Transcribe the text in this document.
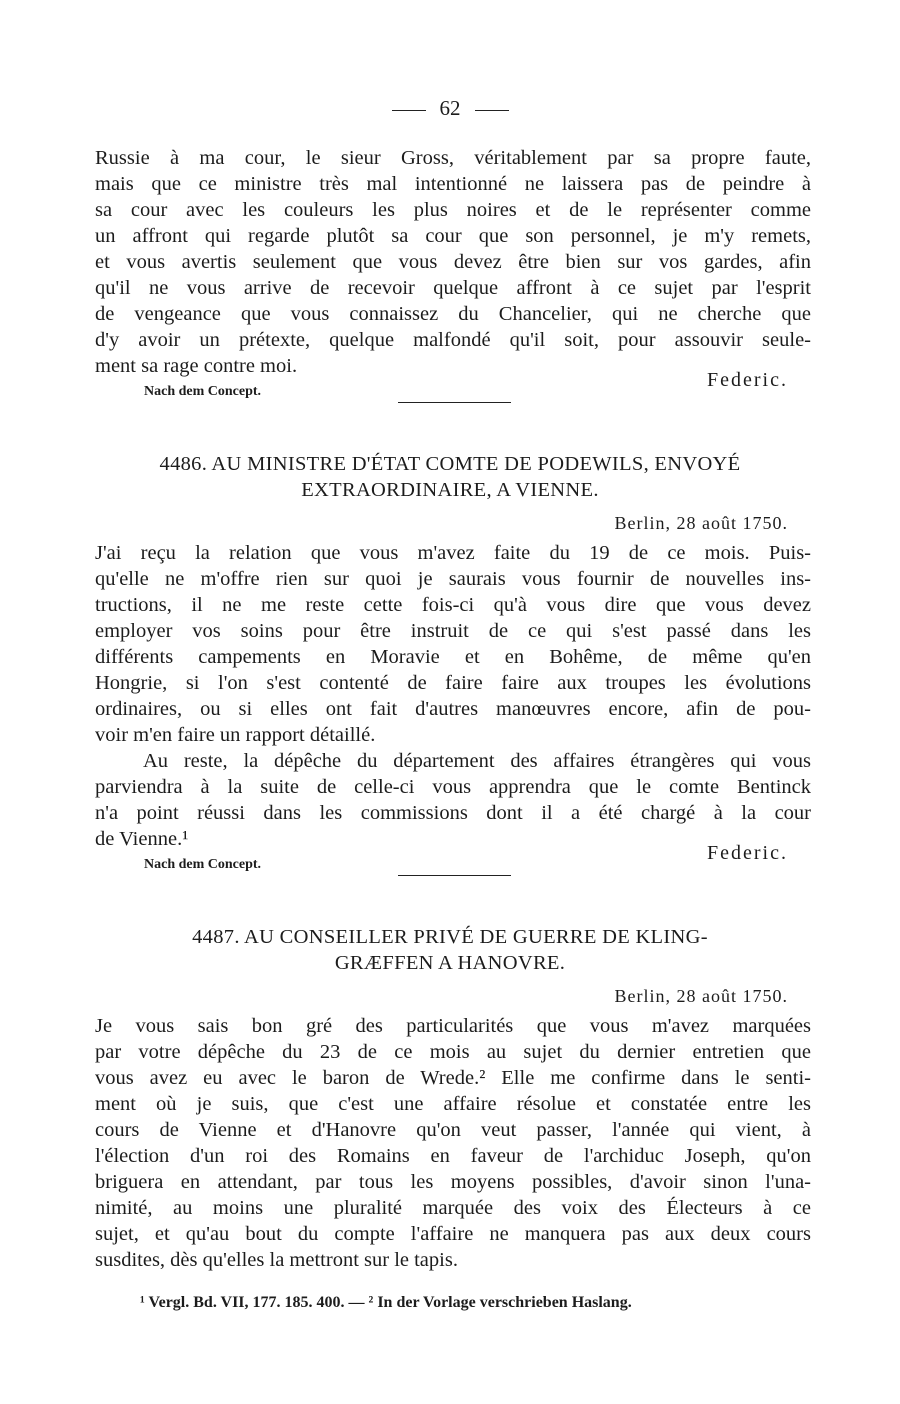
62
Russie à ma cour, le sieur Gross, véritablement par sa propre faute,
mais que ce ministre très mal intentionné ne laissera pas de peindre à
sa cour avec les couleurs les plus noires et de le représenter comme
un affront qui regarde plutôt sa cour que son personnel, je m'y remets,
et vous avertis seulement que vous devez être bien sur vos gardes, afin
qu'il ne vous arrive de recevoir quelque affront à ce sujet par l'esprit
de vengeance que vous connaissez du Chancelier, qui ne cherche que
d'y avoir un prétexte, quelque malfondé qu'il soit, pour assouvir seule-
ment sa rage contre moi.
Federic.
Nach dem Concept.
4486. AU MINISTRE D'ÉTAT COMTE DE PODEWILS, ENVOYÉ
EXTRAORDINAIRE, A VIENNE.
Berlin, 28 août 1750.
J'ai reçu la relation que vous m'avez faite du 19 de ce mois. Puis-
qu'elle ne m'offre rien sur quoi je saurais vous fournir de nouvelles ins-
tructions, il ne me reste cette fois-ci qu'à vous dire que vous devez
employer vos soins pour être instruit de ce qui s'est passé dans les
différents campements en Moravie et en Bohême, de même qu'en
Hongrie, si l'on s'est contenté de faire faire aux troupes les évolutions
ordinaires, ou si elles ont fait d'autres manœuvres encore, afin de pou-
voir m'en faire un rapport détaillé.
Au reste, la dépêche du département des affaires étrangères qui vous
parviendra à la suite de celle-ci vous apprendra que le comte Bentinck
n'a point réussi dans les commissions dont il a été chargé à la cour
de Vienne.¹
Federic.
Nach dem Concept.
4487. AU CONSEILLER PRIVÉ DE GUERRE DE KLING-
GRÆFFEN A HANOVRE.
Berlin, 28 août 1750.
Je vous sais bon gré des particularités que vous m'avez marquées
par votre dépêche du 23 de ce mois au sujet du dernier entretien que
vous avez eu avec le baron de Wrede.² Elle me confirme dans le senti-
ment où je suis, que c'est une affaire résolue et constatée entre les
cours de Vienne et d'Hanovre qu'on veut passer, l'année qui vient, à
l'élection d'un roi des Romains en faveur de l'archiduc Joseph, qu'on
briguera en attendant, par tous les moyens possibles, d'avoir sinon l'una-
nimité, au moins une pluralité marquée des voix des Électeurs à ce
sujet, et qu'au bout du compte l'affaire ne manquera pas aux deux cours
susdites, dès qu'elles la mettront sur le tapis.
¹ Vergl. Bd. VII, 177. 185. 400. — ² In der Vorlage verschrieben Haslang.
